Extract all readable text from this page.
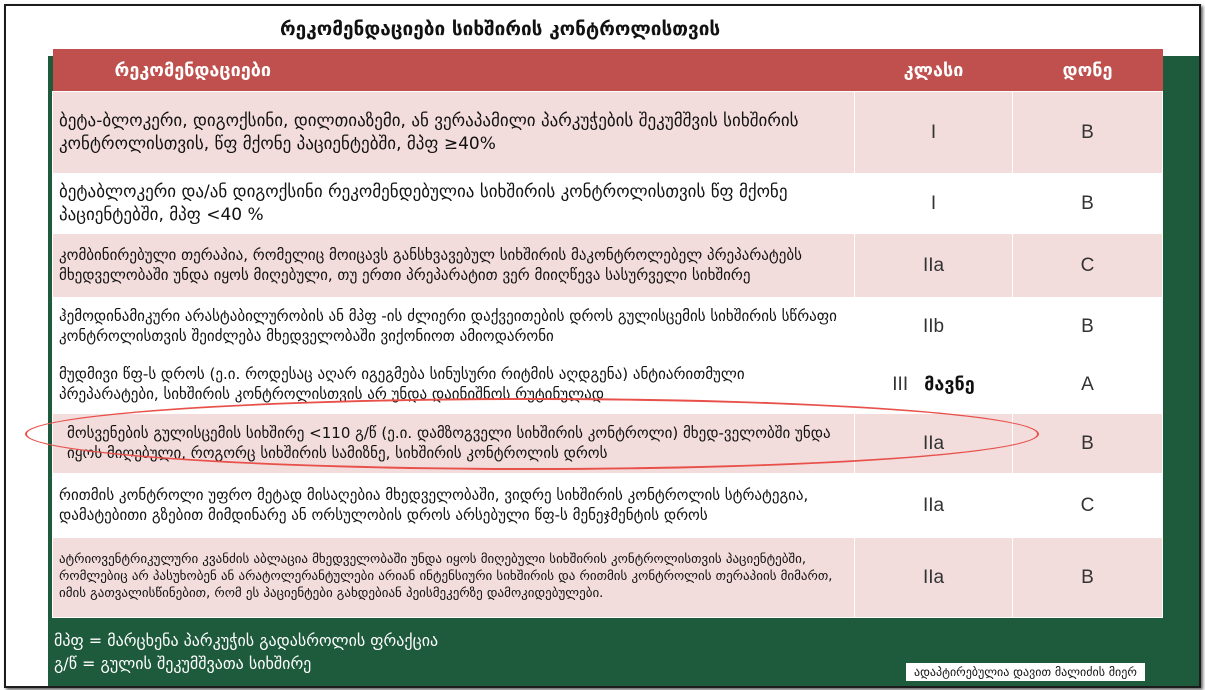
რეკომენდაციები სიხშირის კონტროლისთვის
რეკომენდაციები	კლასი	დონე
ბეტა-ბლოკერი, დიგოქსინი, დილთიაზემი, ან ვერაპამილი პარკუჭების შეკუმშვის სიხშირის კონტროლისთვის, წფ მქონე პაციენტებში, მპფ ≥40%	I	B
ბეტაბლოკერი და/ან დიგოქსინი რეკომენდებულია სიხშირის კონტროლისთვის წფ მქონე პაციენტებში, მპფ <40 %	I	B
კომბინირებული თერაპია, რომელიც მოიცავს განსხვავებულ სიხშირის მაკონტროლებელ პრეპარატებს მხედველობაში უნდა იყოს მიღებული, თუ ერთი პრეპარატით ვერ მიიღწევა სასურველი სიხშირე	IIa	C
ჰემოდინამიკური არასტაბილურობის ან მპფ -ის ძლიერი დაქვეითების დროს გულისცემის სიხშირის სწრაფი კონტროლისთვის შეიძლება მხედველობაში ვიქონიოთ ამიოდარონი	IIb	B
მუდმივი წფ-ს დროს (ე.ი. როდესაც აღარ იგეგმება სინუსური რიტმის აღდგენა) ანტიარითმული პრეპარატები, სიხშირის კონტროლისთვის არ უნდა დაინიშნოს რუტინულად	III მავნე	A
მოსვენების გულისცემის სიხშირე <110 გ/წ (ე.ი. დამზოგველი სიხშირის კონტროლი) მხედ-ველობში უნდა იყოს მიღებული, როგორც სიხშირის სამიზნე, სიხშირის კონტროლის დროს	IIa	B
რითმის კონტროლი უფრო მეტად მისაღებია მხედველობაში, ვიდრე სიხშირის კონტროლის სტრატეგია, დამატებითი გზებით მიმდინარე ან ორსულობის დროს არსებული წფ-ს მენეჯმენტის დროს	IIa	C
ატრიოვენტრიკულური კვანძის აბლაცია მხედველობაში უნდა იყოს მიღებული სიხშირის კონტროლისთვის პაციენტებში, რომლებიც არ პასუხობენ ან არატოლერანტულები არიან ინტენსიური სიხშირის და რითმის კონტროლის თერაპიის მიმართ, იმის გათვალისწინებით, რომ ეს პაციენტები გახდებიან პეისმეკერზე დამოკიდებულები.	IIa	B
მპფ = მარცხენა პარკუჭის გადასროლის ფრაქცია
გ/წ = გულის შეკუმშვათა სიხშირე	ადაპტირებულია დავით მალიძის მიერ
